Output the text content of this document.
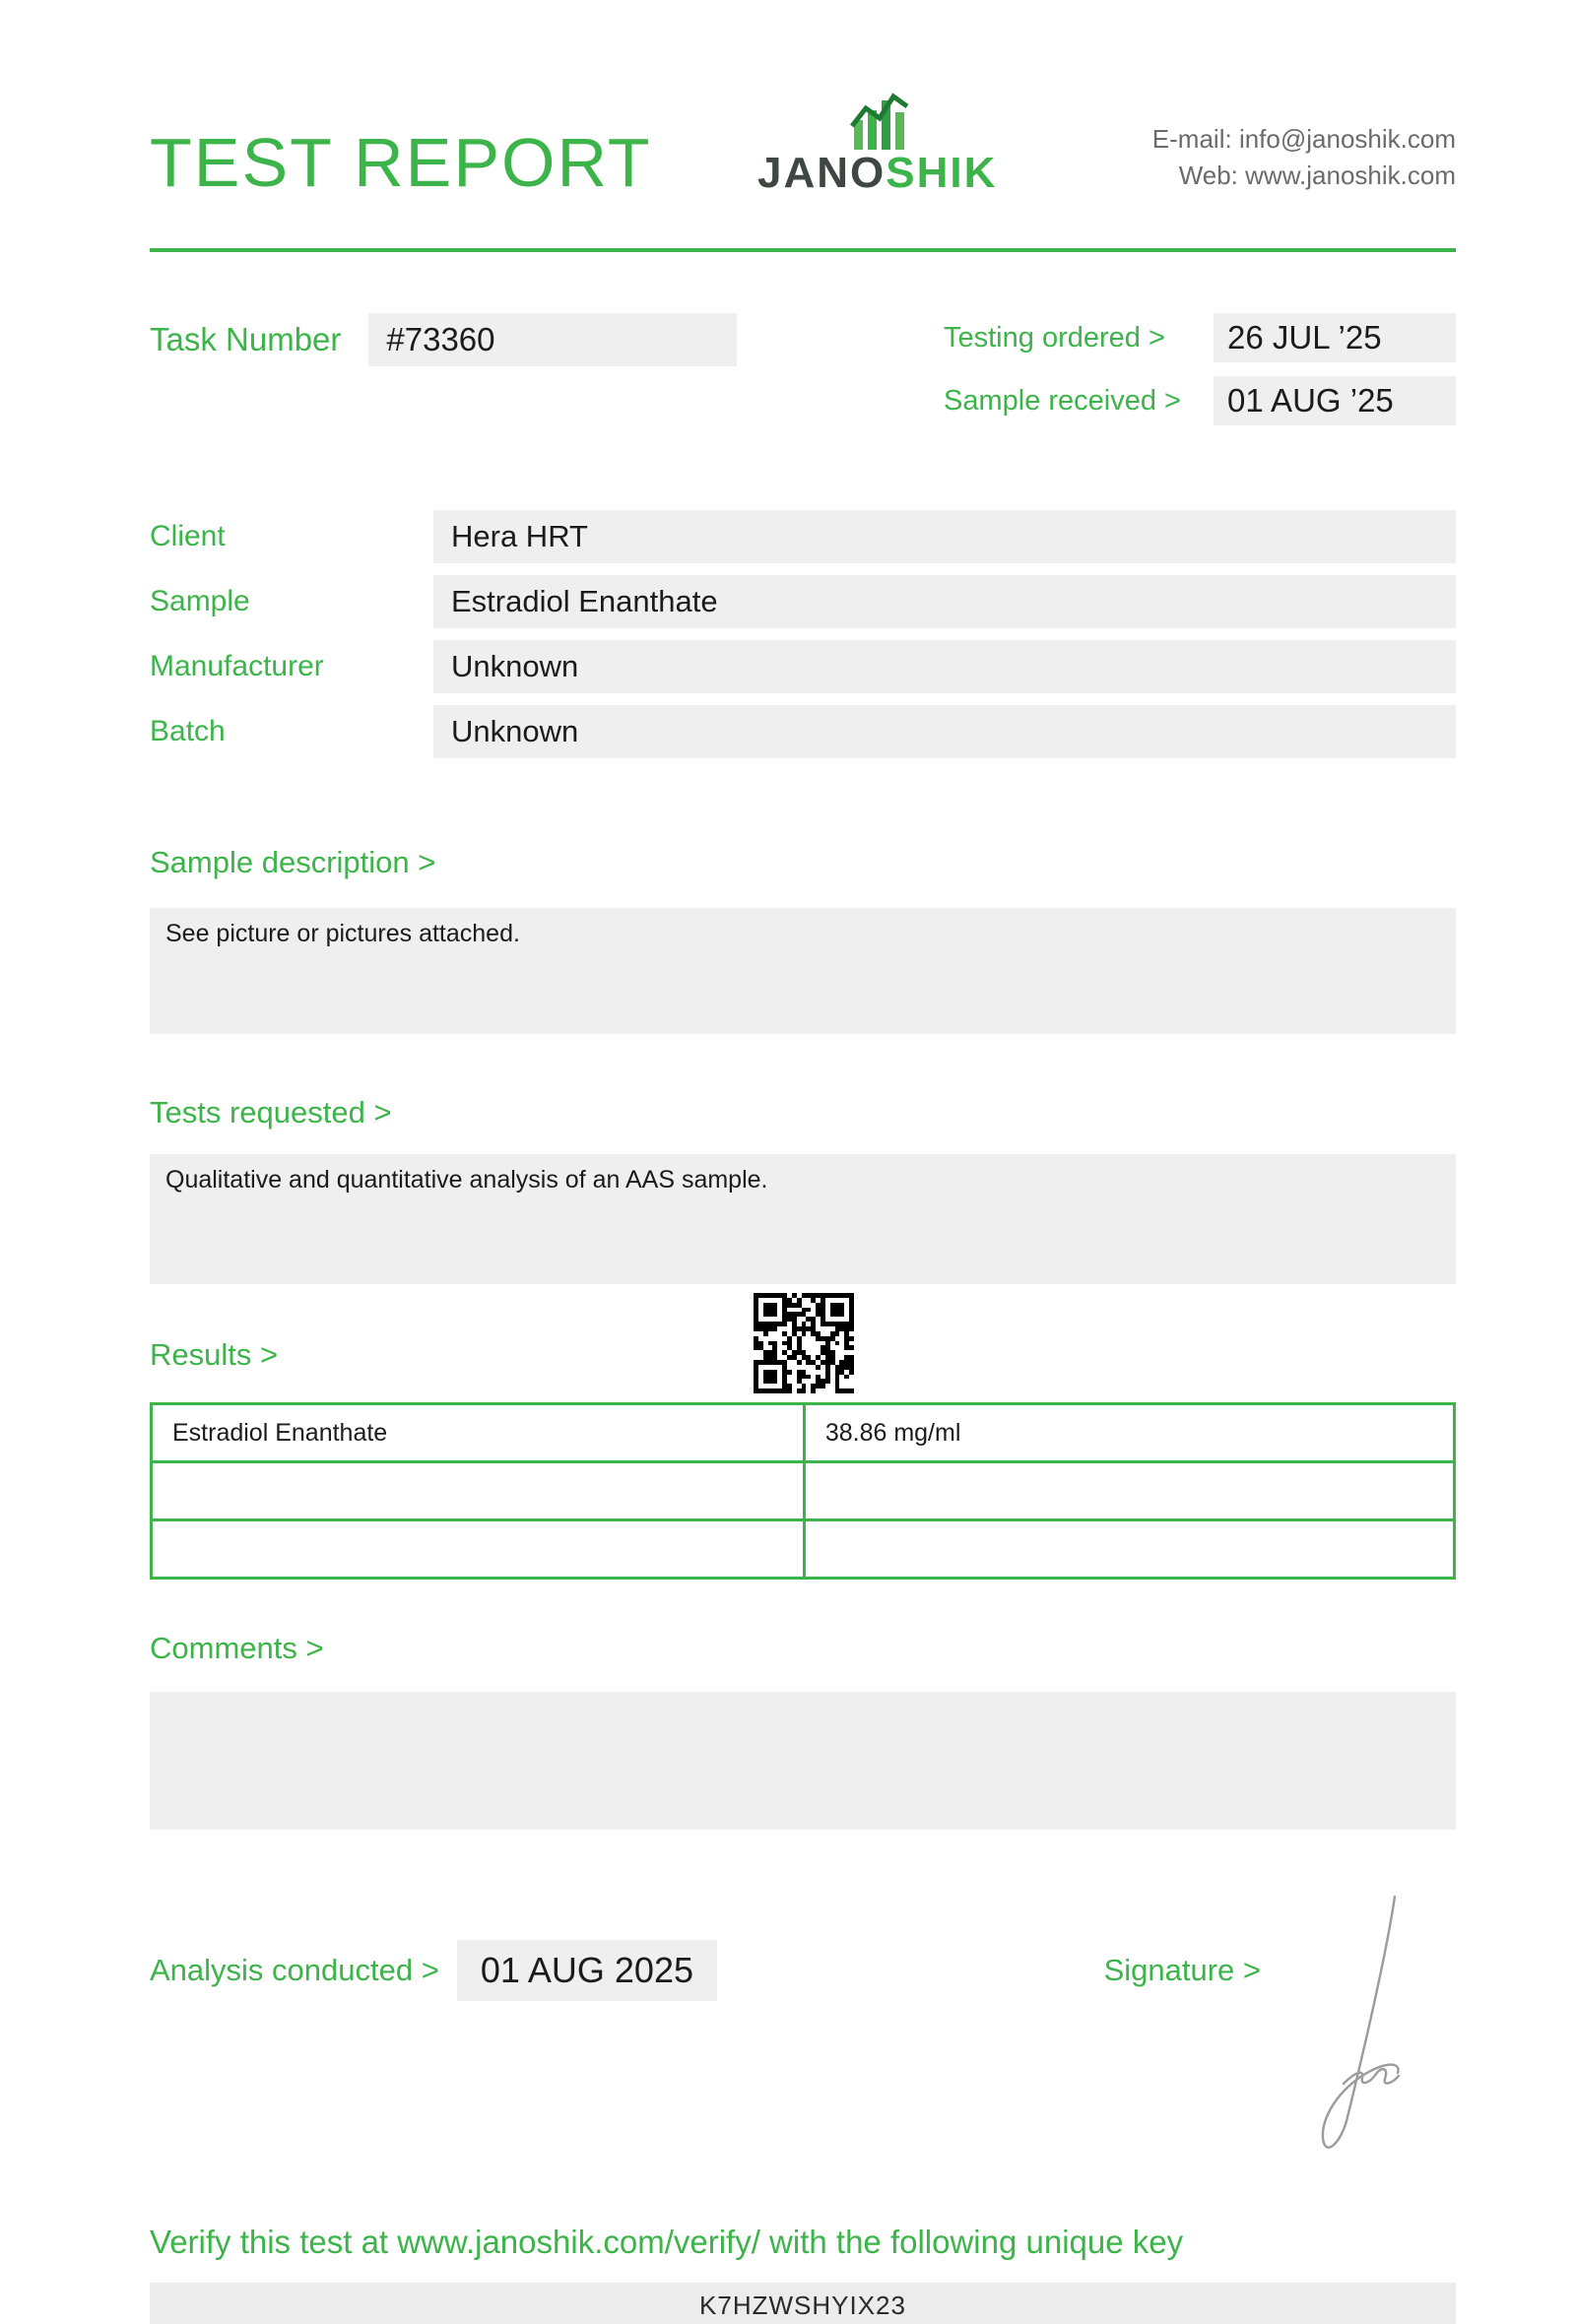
TEST REPORT JANOSHIK
E-mail: info@janoshik.com
Web: www.janoshik.com
Task Number	#73360	Testing ordered >	26 JUL ’25
Sample received >	01 AUG ’25
Client	Hera HRT
Sample	Estradiol Enanthate
Manufacturer	Unknown
Batch	Unknown
Sample description >
See picture or pictures attached.
Tests requested >
Qualitative and quantitative analysis of an AAS sample.
Results >
Estradiol Enanthate	38.86 mg/ml

Comments >
Analysis conducted >	01 AUG 2025	Signature >
Verify this test at www.janoshik.com/verify/ with the following unique key
K7HZWSHYIX23
